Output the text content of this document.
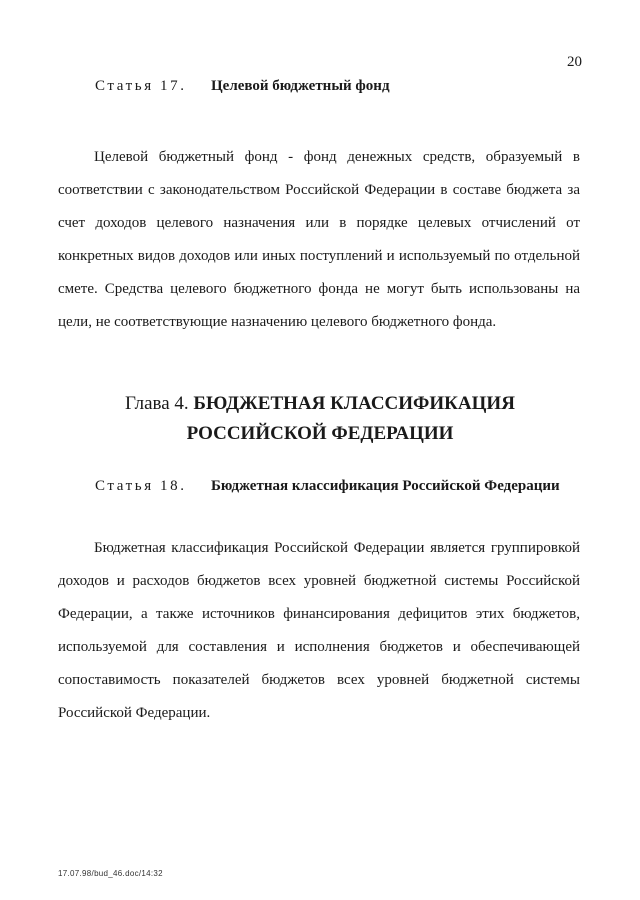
20
Статья 17.	Целевой бюджетный фонд

Целевой бюджетный фонд - фонд денежных средств, образуемый в соответствии с законодательством Российской Федерации в составе бюджета за счет доходов целевого назначения или в порядке целевых отчислений от конкретных видов доходов или иных поступлений и используемый по отдельной смете. Средства целевого бюджетного фонда не могут быть использованы на цели, не соответствующие назначению целевого бюджетного фонда.

Глава 4. БЮДЖЕТНАЯ КЛАССИФИКАЦИЯ
РОССИЙСКОЙ ФЕДЕРАЦИИ
Статья 18.	Бюджетная классификация Российской Федерации

Бюджетная классификация Российской Федерации является группировкой доходов и расходов бюджетов всех уровней бюджетной системы Российской Федерации, а также источников финансирования дефицитов этих бюджетов, используемой для составления и исполнения бюджетов и обеспечивающей сопоставимость показателей бюджетов всех уровней бюджетной системы Российской Федерации.

17.07.98/bud_46.doc/14:32
